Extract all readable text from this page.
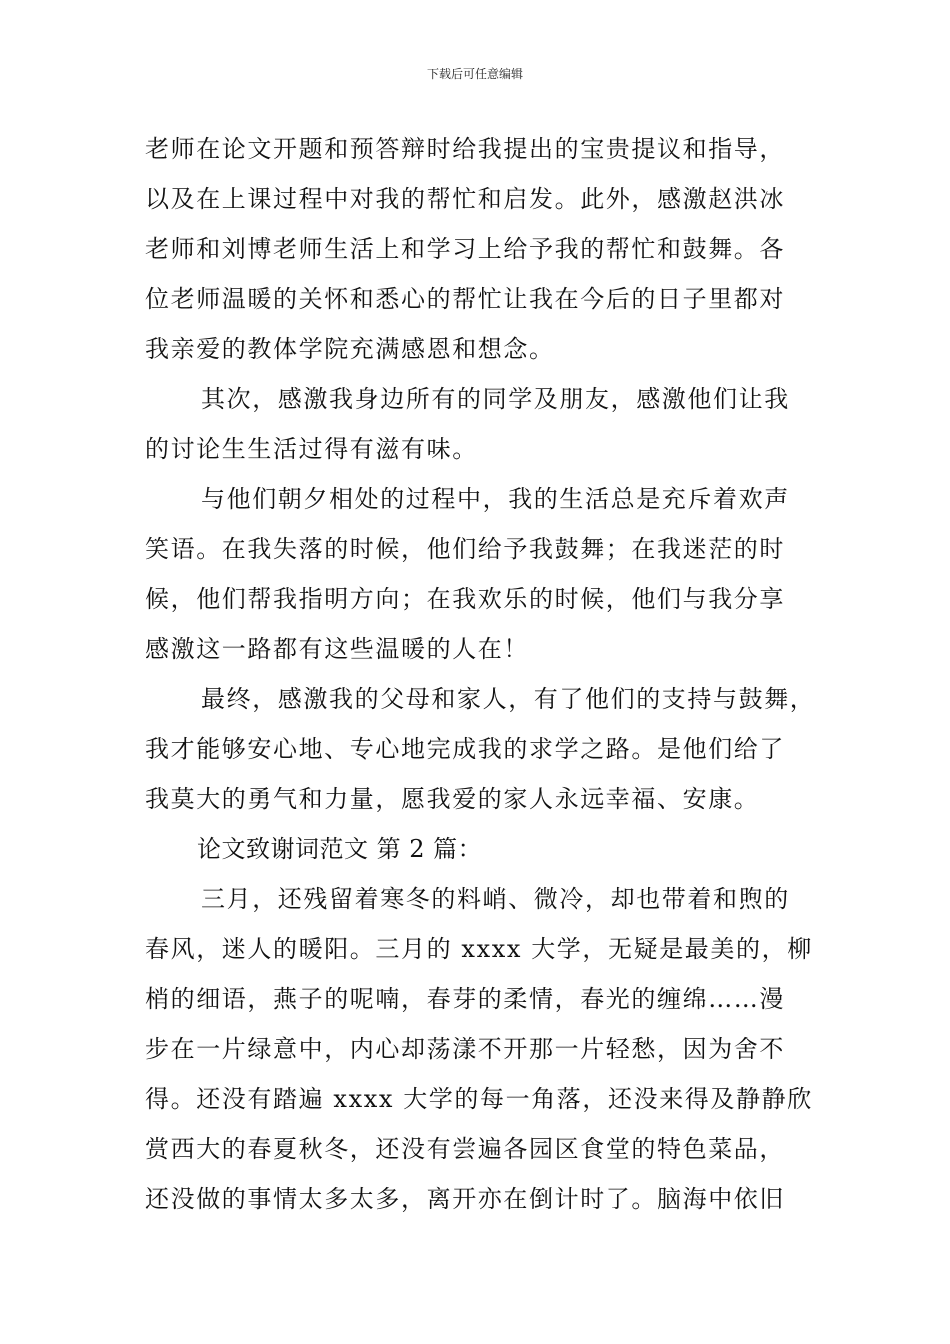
下载后可任意编辑
老师在论文开题和预答辩时给我提出的宝贵提议和指导，
以及在上课过程中对我的帮忙和启发。此外，感激赵洪冰
老师和刘博老师生活上和学习上给予我的帮忙和鼓舞。各
位老师温暖的关怀和悉心的帮忙让我在今后的日子里都对
我亲爱的教体学院充满感恩和想念。
其次，感激我身边所有的同学及朋友，感激他们让我
的讨论生生活过得有滋有味。
与他们朝夕相处的过程中，我的生活总是充斥着欢声
笑语。在我失落的时候，他们给予我鼓舞；在我迷茫的时
候，他们帮我指明方向；在我欢乐的时候，他们与我分享
感激这一路都有这些温暖的人在！
最终，感激我的父母和家人，有了他们的支持与鼓舞，
我才能够安心地、专心地完成我的求学之路。是他们给了
我莫大的勇气和力量，愿我爱的家人永远幸福、安康。
论文致谢词范文 第 2 篇：
三月，还残留着寒冬的料峭、微冷，却也带着和煦的
春风，迷人的暖阳。三月的 xxxx 大学，无疑是最美的，柳
梢的细语，燕子的呢喃，春芽的柔情，春光的缠绵……漫
步在一片绿意中，内心却荡漾不开那一片轻愁，因为舍不
得。还没有踏遍 xxxx 大学的每一角落，还没来得及静静欣
赏西大的春夏秋冬，还没有尝遍各园区食堂的特色菜品，
还没做的事情太多太多，离开亦在倒计时了。脑海中依旧
